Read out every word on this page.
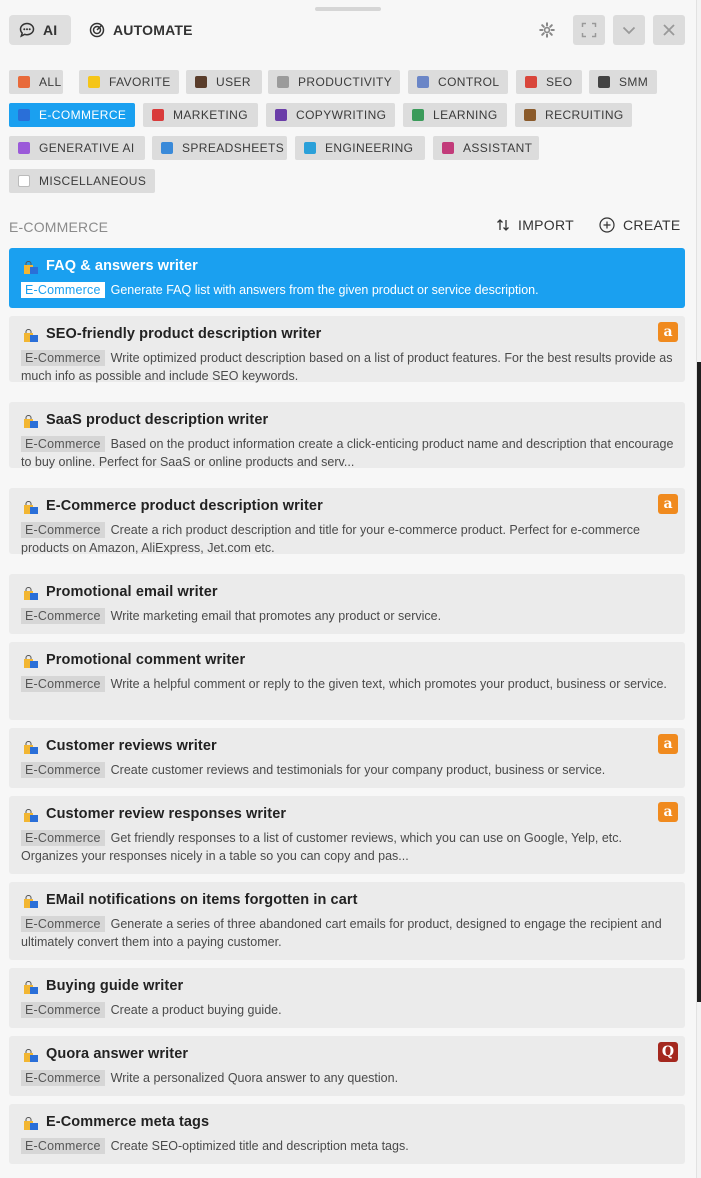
AI	AUTOMATE
ALL	FAVORITE	USER	PRODUCTIVITY	CONTROL	SEO	SMM
E-COMMERCE	MARKETING	COPYWRITING	LEARNING	RECRUITING
GENERATIVE AI	SPREADSHEETS	ENGINEERING	ASSISTANT
MISCELLANEOUS
E-COMMERCE	IMPORT	CREATE
FAQ & answers writer
E-Commerce Generate FAQ list with answers from the given product or service description.
SEO-friendly product description writer
E-Commerce Write optimized product description based on a list of product features. For the best results provide as much info as possible and include SEO keywords.
a
SaaS product description writer
E-Commerce Based on the product information create a click-enticing product name and description that encourage to buy online. Perfect for SaaS or online products and serv...
E-Commerce product description writer
E-Commerce Create a rich product description and title for your e-commerce product. Perfect for e-commerce products on Amazon, AliExpress, Jet.com etc.
a
Promotional email writer
E-Commerce Write marketing email that promotes any product or service.
Promotional comment writer
E-Commerce Write a helpful comment or reply to the given text, which promotes your product, business or service.
Customer reviews writer
E-Commerce Create customer reviews and testimonials for your company product, business or service.
a
Customer review responses writer
E-Commerce Get friendly responses to a list of customer reviews, which you can use on Google, Yelp, etc. Organizes your responses nicely in a table so you can copy and pas...
a
EMail notifications on items forgotten in cart
E-Commerce Generate a series of three abandoned cart emails for product, designed to engage the recipient and ultimately convert them into a paying customer.
Buying guide writer
E-Commerce Create a product buying guide.
Quora answer writer
E-Commerce Write a personalized Quora answer to any question.
Q
E-Commerce meta tags
E-Commerce Create SEO-optimized title and description meta tags.
